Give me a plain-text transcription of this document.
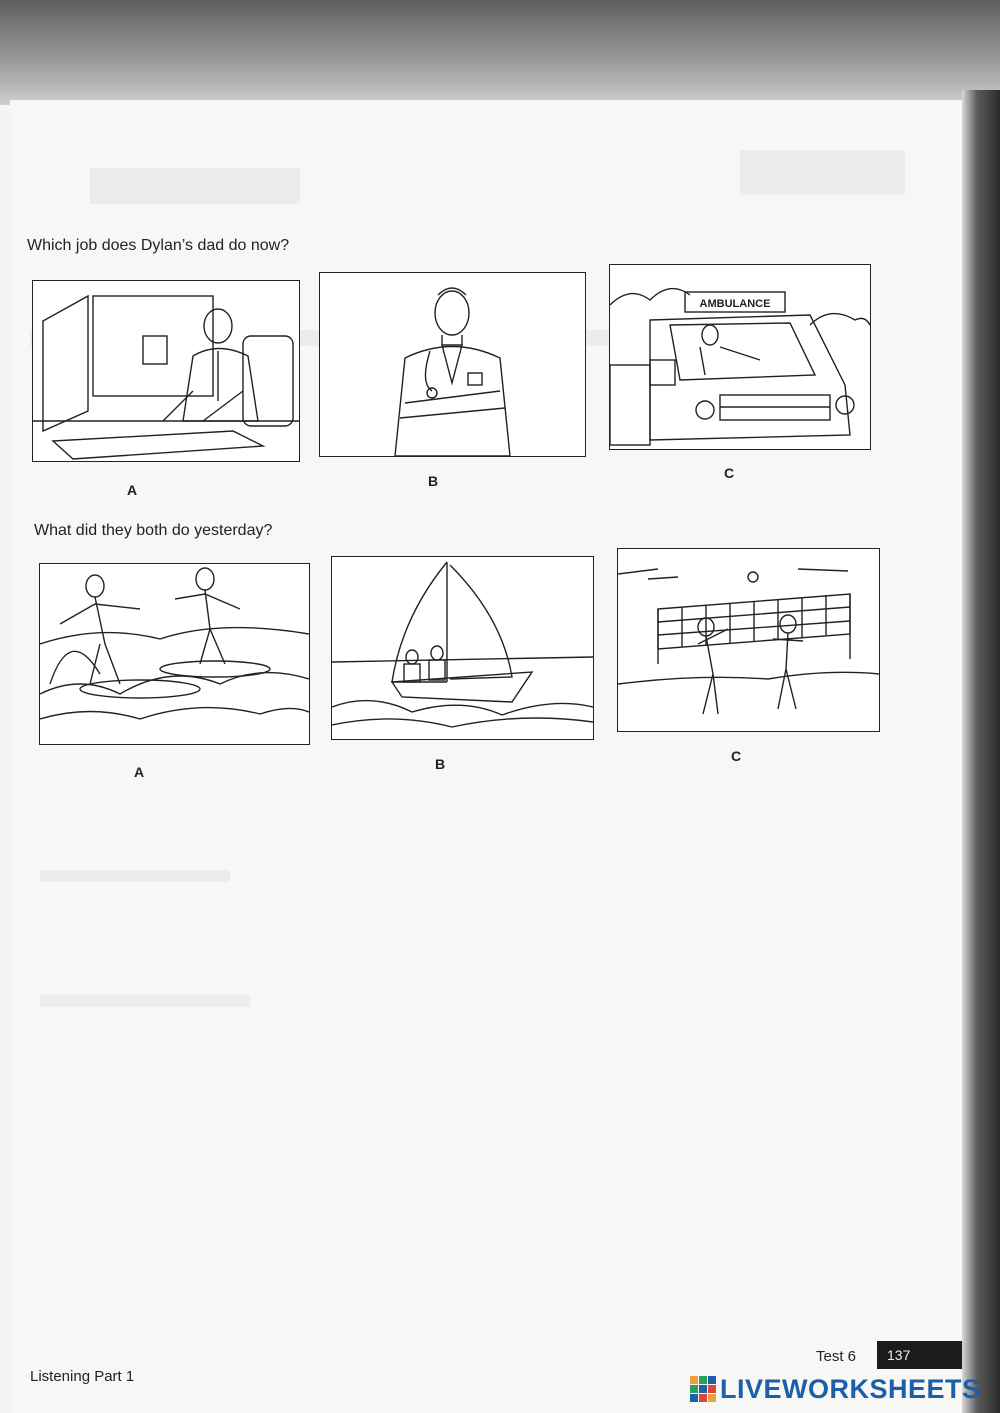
Which job does Dylan’s dad do now?
A
B
AMBULANCE
C
What did they both do yesterday?
A	B	C
Listening Part 1
Test 6	137
LIVEWORKSHEETS
